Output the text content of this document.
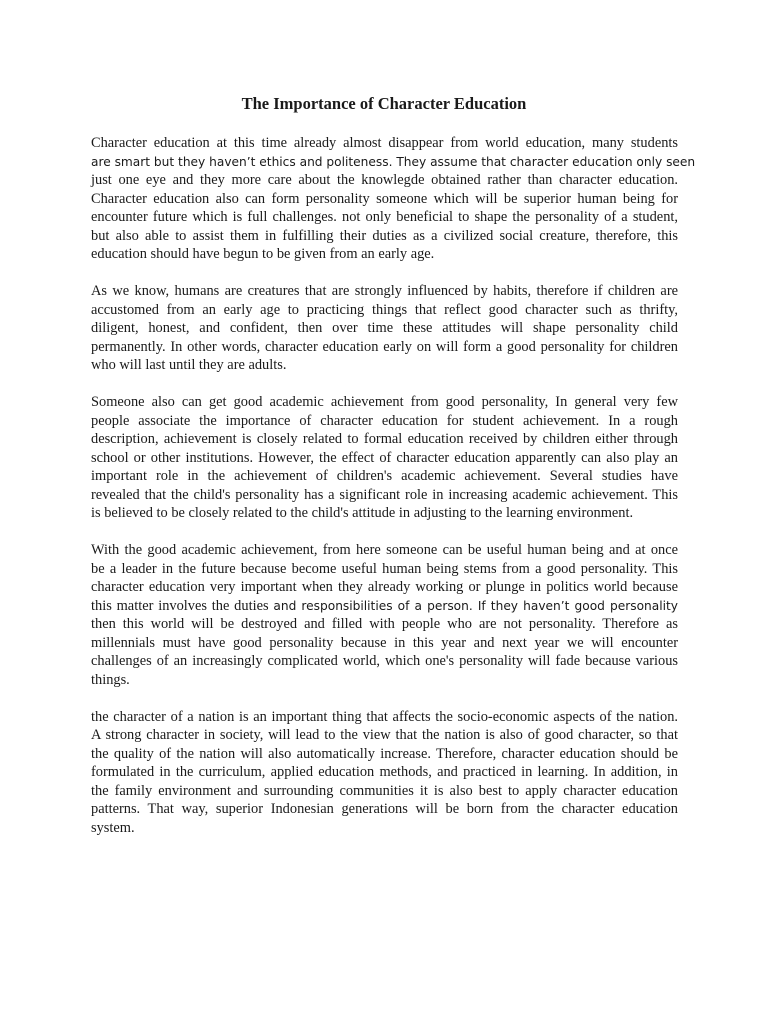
The Importance of Character Education
Character education at this time already almost disappear from world education, many students
are smart but they haven’t ethics and politeness. They assume that character education only seen
just one eye and they more care about the knowlegde obtained rather than character education.
Character education also can form personality someone which will be superior human being for
encounter future which is full challenges. not only beneficial to shape the personality of a student,
but also able to assist them in fulfilling their duties as a civilized social creature, therefore, this
education should have begun to be given from an early age.
As we know, humans are creatures that are strongly influenced by habits, therefore if children are
accustomed from an early age to practicing things that reflect good character such as thrifty,
diligent, honest, and confident, then over time these attitudes will shape personality child
permanently. In other words, character education early on will form a good personality for children
who will last until they are adults.
Someone also can get good academic achievement from good personality, In general very few
people associate the importance of character education for student achievement. In a rough
description, achievement is closely related to formal education received by children either through
school or other institutions. However, the effect of character education apparently can also play an
important role in the achievement of children's academic achievement. Several studies have
revealed that the child's personality has a significant role in increasing academic achievement. This
is believed to be closely related to the child's attitude in adjusting to the learning environment.
With the good academic achievement, from here someone can be useful human being and at once
be a leader in the future because become useful human being stems from a good personality. This
character education very important when they already working or plunge in politics world because
this matter involves the duties and responsibilities of a person. If they haven’t good personality
then this world will be destroyed and filled with people who are not personality. Therefore as
millennials must have good personality because in this year and next year we will encounter
challenges of an increasingly complicated world, which one's personality will fade because various
things.
the character of a nation is an important thing that affects the socio-economic aspects of the nation.
A strong character in society, will lead to the view that the nation is also of good character, so that
the quality of the nation will also automatically increase. Therefore, character education should be
formulated in the curriculum, applied education methods, and practiced in learning. In addition, in
the family environment and surrounding communities it is also best to apply character education
patterns. That way, superior Indonesian generations will be born from the character education
system.
